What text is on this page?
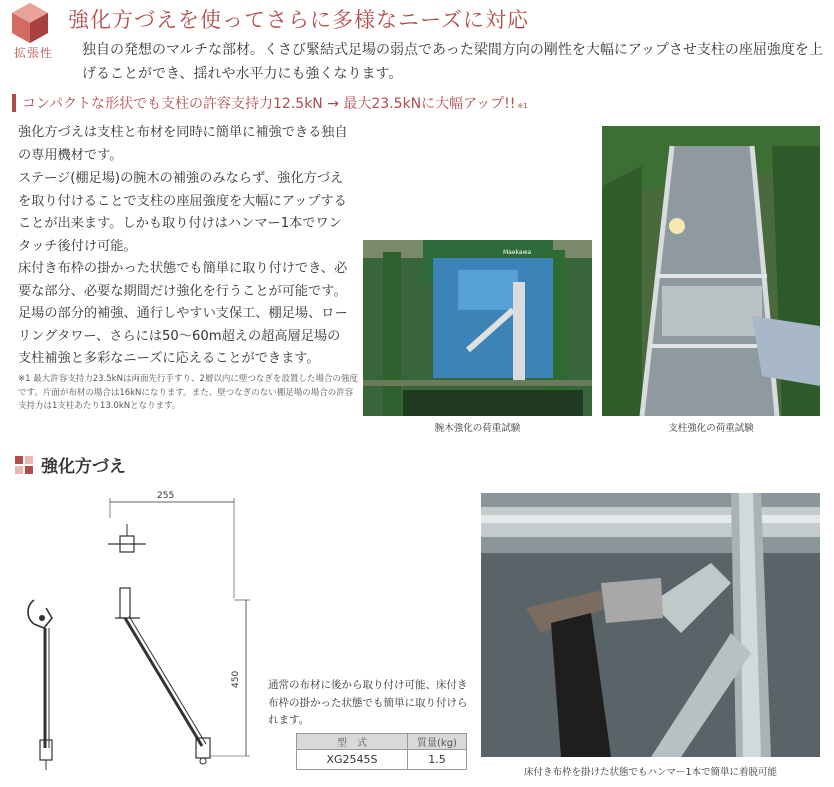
拡張性
強化方づえを使ってさらに多様なニーズに対応
独自の発想のマルチな部材。くさび緊結式足場の弱点であった梁間方向の剛性を大幅にアップさせ支柱の座屈強度を上げることができ、揺れや水平力にも強くなります。
コンパクトな形状でも支柱の許容支持力12.5kN → 最大23.5kNに大幅アップ!! ※1
強化方づえは支柱と布材を同時に簡単に補強できる独自の専用機材です。
ステージ(棚足場)の腕木の補強のみならず、強化方づえを取り付けることで支柱の座屈強度を大幅にアップすることが出来ます。しかも取り付けはハンマー1本でワンタッチ後付け可能。
床付き布枠の掛かった状態でも簡単に取り付けでき、必要な部分、必要な期間だけ強化を行うことが可能です。足場の部分的補強、通行しやすい支保工、棚足場、ローリングタワー、さらには50〜60m超えの超高層足場の支柱補強と多彩なニーズに応えることができます。
※1 最大許容支持力23.5kNは両面先行手すり、2層以内に壁つなぎを設置した場合の強度です。片面が布材の場合は16kNになります。また、壁つなぎのない棚足場の場合の許容支持力は1支柱あたり13.0kNとなります。
Maekawa
腕木強化の荷重試験	支柱強化の荷重試験
強化方づえ
255
450	通常の布材に後から取り付け可能、床付き布枠の掛かった状態でも簡単に取り付けられます。
型　式	質量(kg)
XG2545S	1.5
床付き布枠を掛けた状態でもハンマー1本で簡単に着脱可能
